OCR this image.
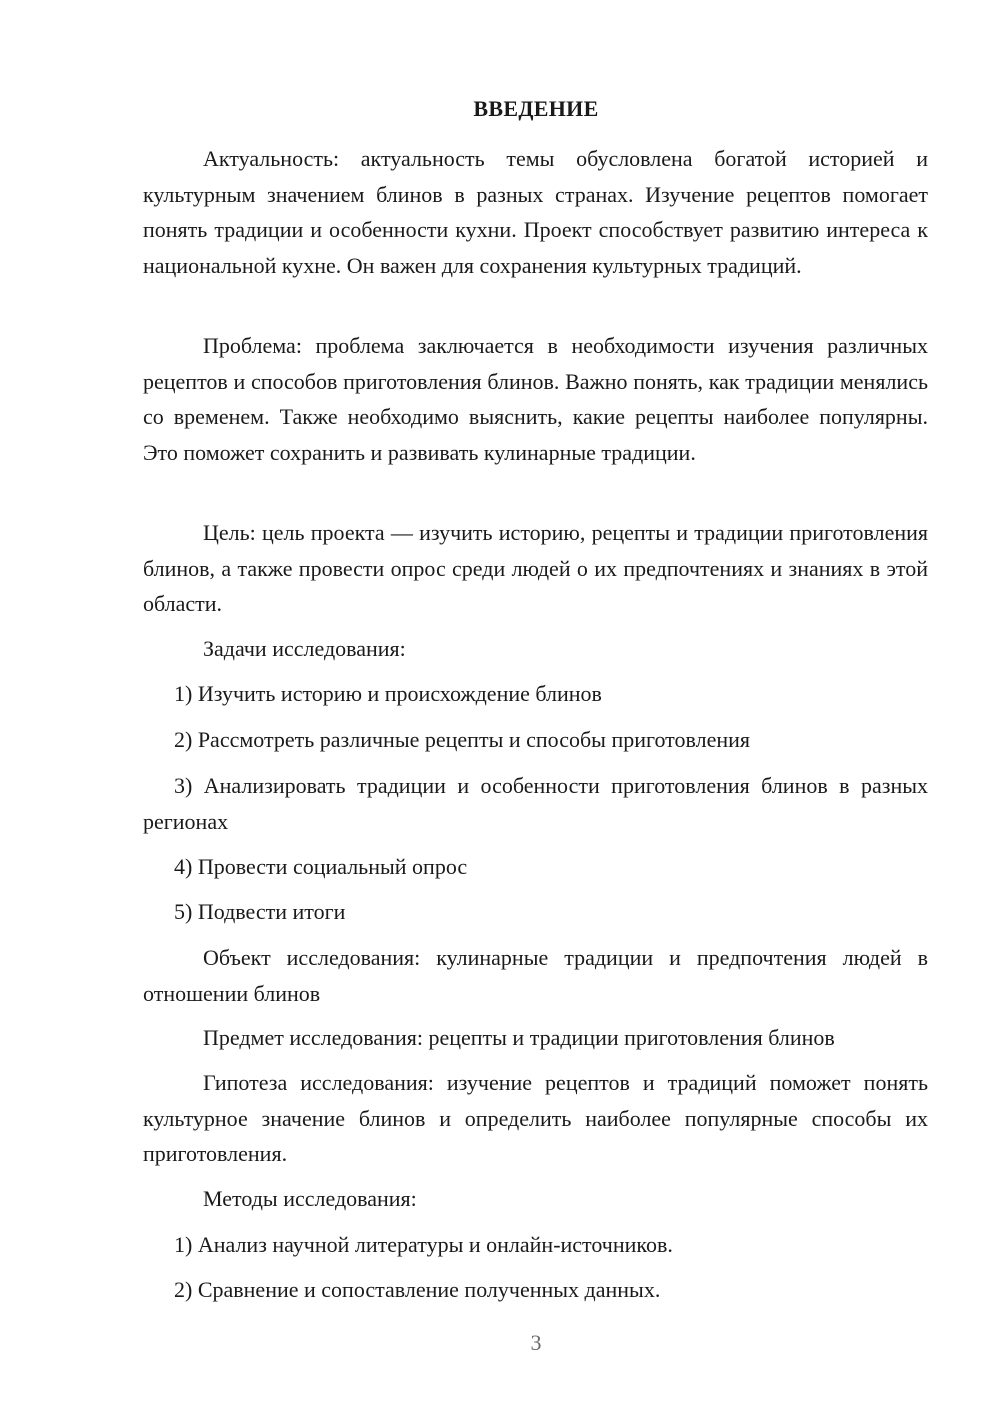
ВВЕДЕНИЕ

Актуальность: актуальность темы обусловлена богатой историей и культурным значением блинов в разных странах. Изучение рецептов помогает понять традиции и особенности кухни. Проект способствует развитию интереса к национальной кухне. Он важен для сохранения культурных традиций.

Проблема: проблема заключается в необходимости изучения различных рецептов и способов приготовления блинов. Важно понять, как традиции менялись со временем. Также необходимо выяснить, какие рецепты наиболее популярны. Это поможет сохранить и развивать кулинарные традиции.

Цель: цель проекта — изучить историю, рецепты и традиции приготовления блинов, а также провести опрос среди людей о их предпочтениях и знаниях в этой области.

Задачи исследования:

1) Изучить историю и происхождение блинов

2) Рассмотреть различные рецепты и способы приготовления

3) Анализировать традиции и особенности приготовления блинов в разных регионах

4) Провести социальный опрос

5) Подвести итоги

Объект исследования: кулинарные традиции и предпочтения людей в отношении блинов

Предмет исследования: рецепты и традиции приготовления блинов

Гипотеза исследования: изучение рецептов и традиций поможет понять культурное значение блинов и определить наиболее популярные способы их приготовления.

Методы исследования:

1) Анализ научной литературы и онлайн-источников.

2) Сравнение и сопоставление полученных данных.

3
